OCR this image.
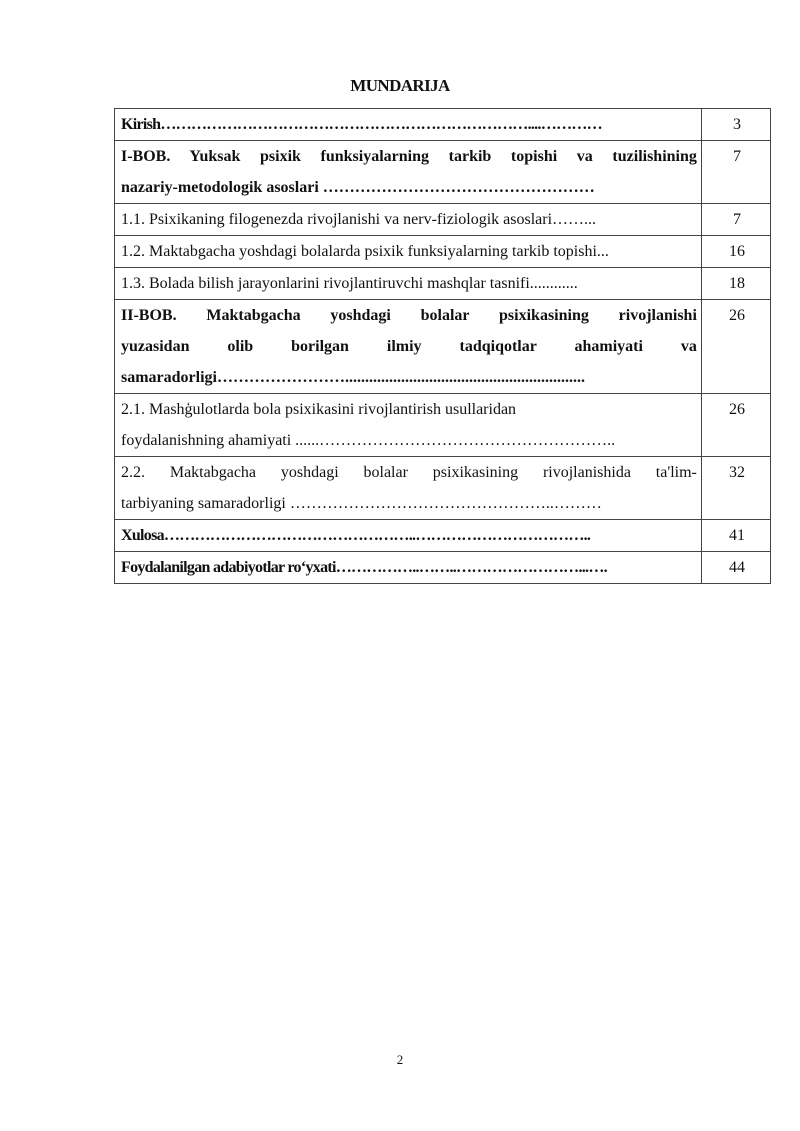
MUNDARIJA
Kirish………………………………………………………………....…………	3

I-BOB. Yuksak psixik funksiyalarning tarkib topishi va tuzilishining
nazariy-metodologik asoslari ……………………………………………	7

1.1. Psixikaning filogenezda rivojlanishi va nerv-fiziologik asoslari……...	7

1.2. Maktabgacha yoshdagi bolalarda psixik funksiyalarning tarkib topishi...	16

1.3. Bolada bilish jarayonlarini rivojlantiruvchi mashqlar tasnifi............	18

II-BOB. Maktabgacha yoshdagi bolalar psixikasining rivojlanishi
yuzasidan olib borilgan ilmiy tadqiqotlar ahamiyati va
samaradorligi……………………............................................................	26

2.1. Mashģulotlarda bola psixikasini rivojlantirish usullaridan
foydalanishning ahamiyati ......………………………………………………..	26

2.2. Maktabgacha yoshdagi bolalar psixikasining rivojlanishida ta'lim-
tarbiyaning samaradorligi …………………………………………..………	32

Xulosa…………………………………………..……………………………..	41

Foydalanilgan adabiyotlar ro‘yxati……………..……..……………………...….	44
2
